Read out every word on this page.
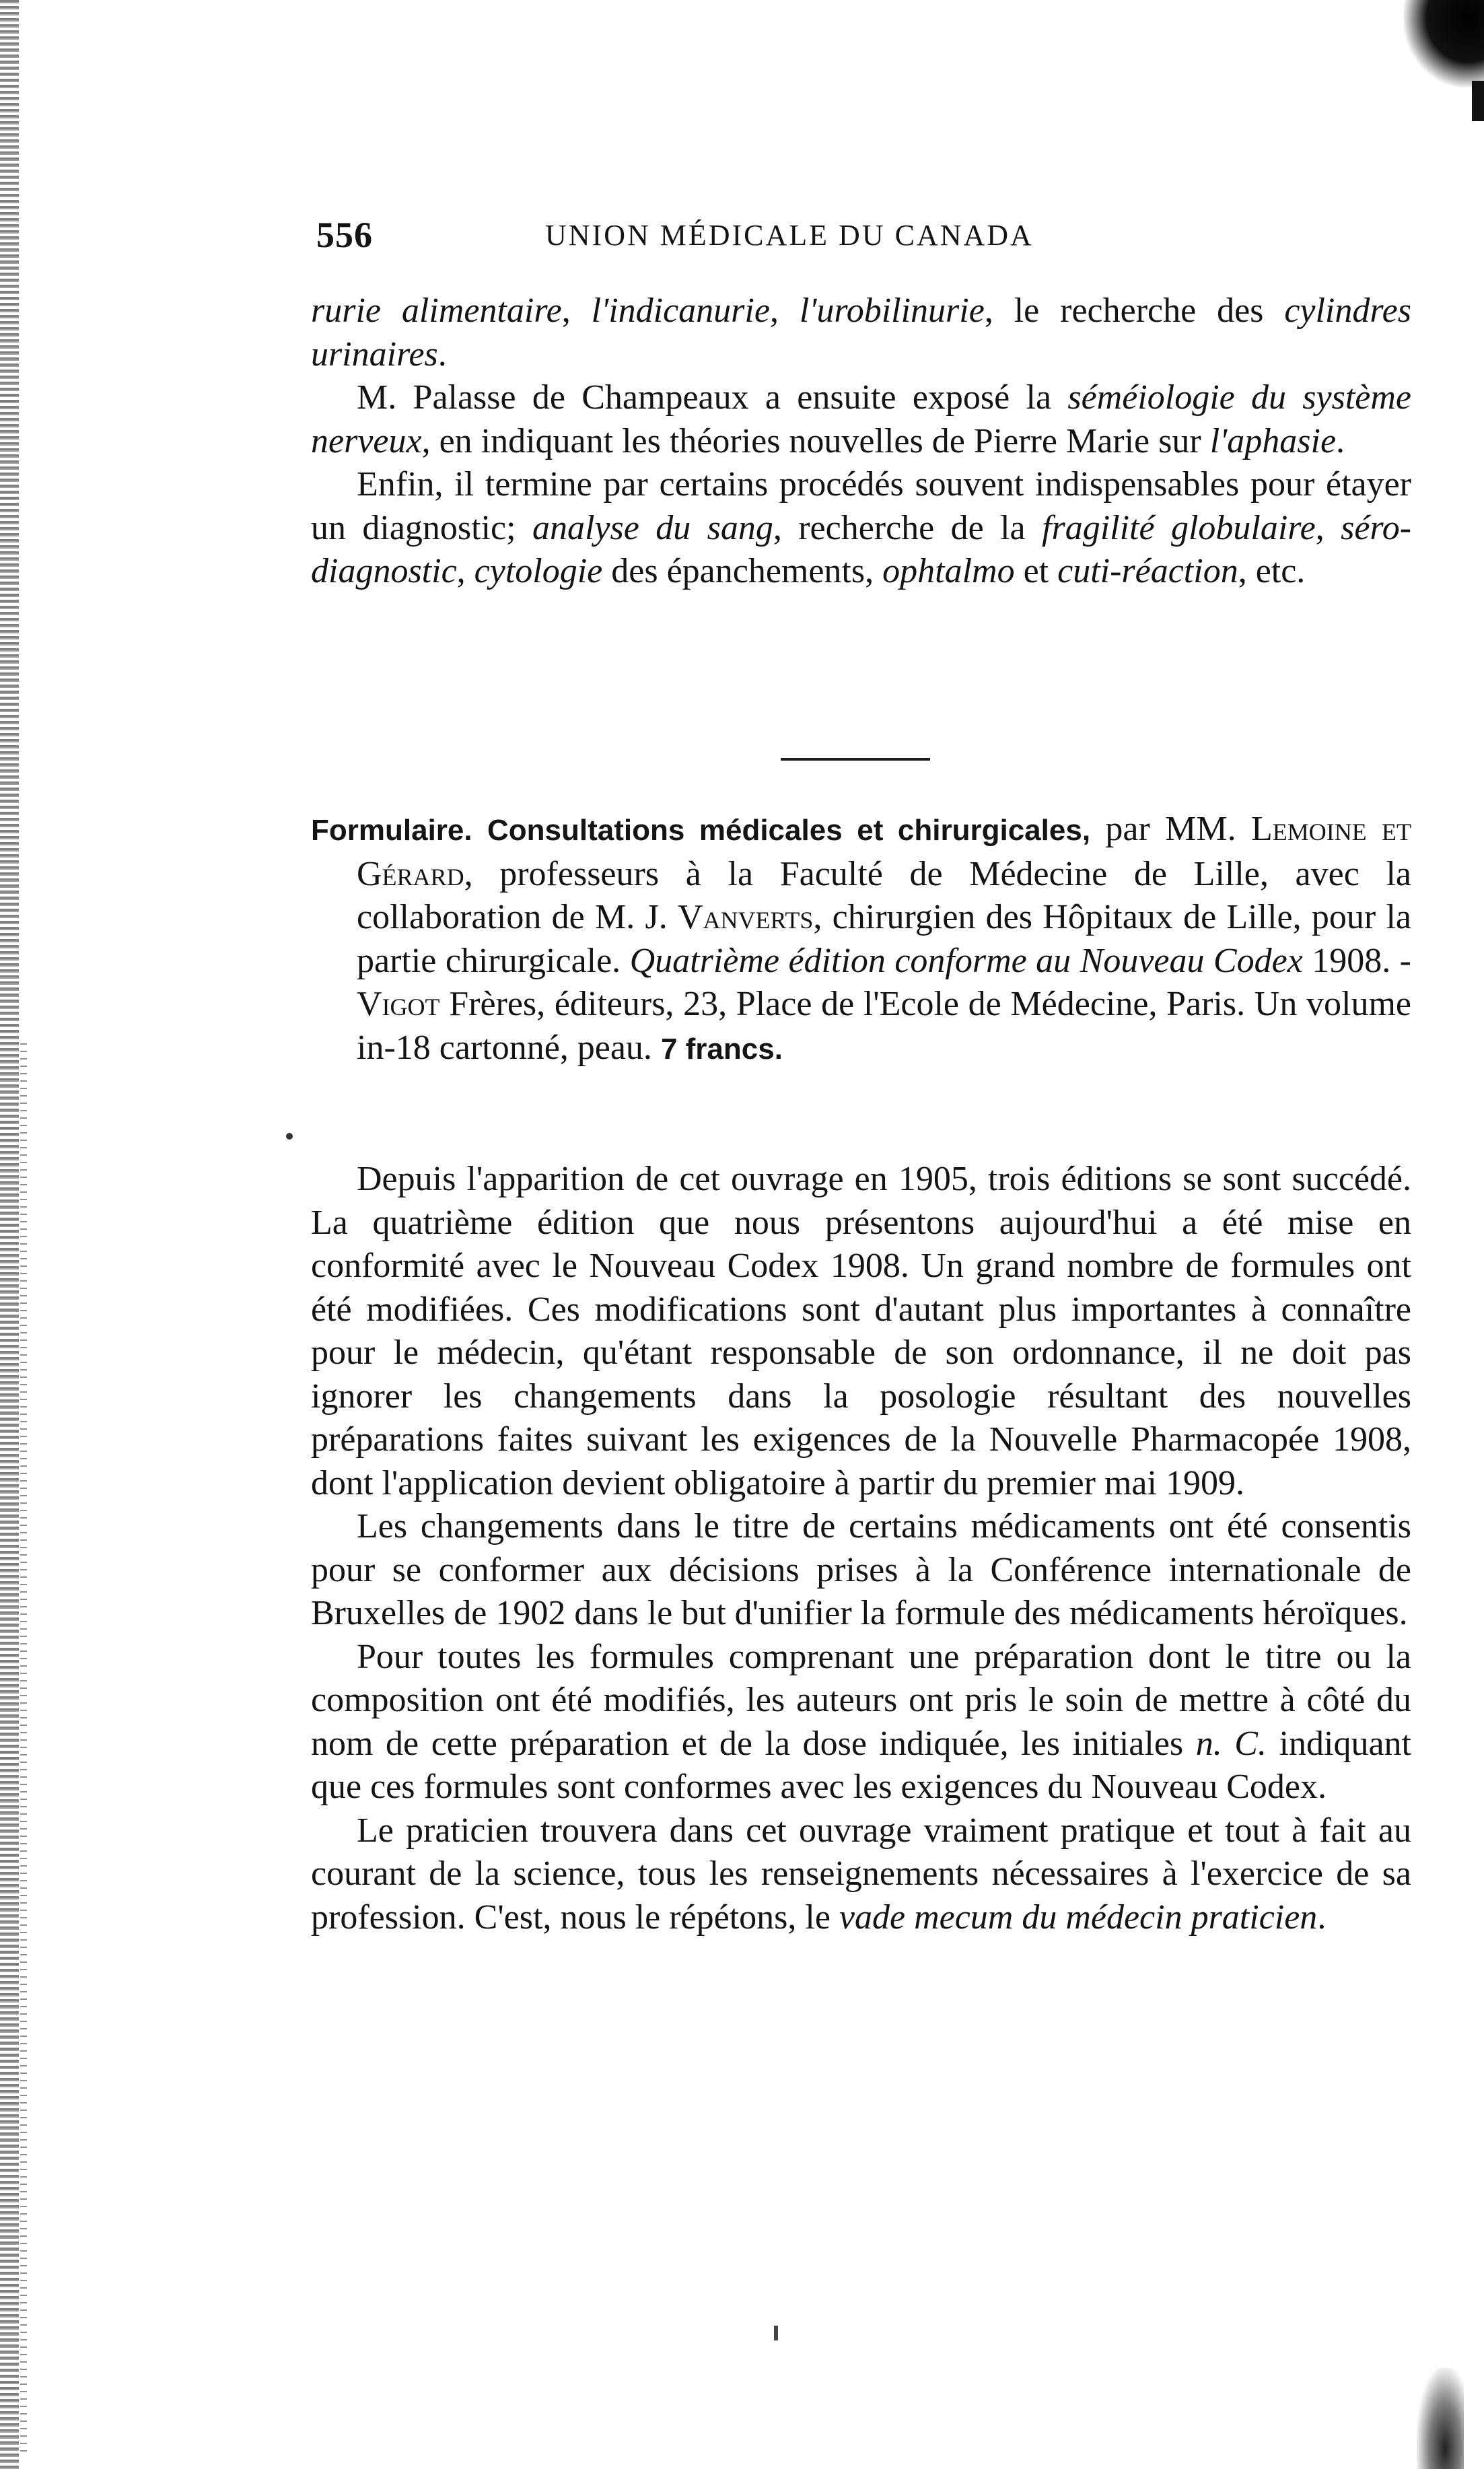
556	UNION MÉDICALE DU CANADA

rurie alimentaire, l'indicanurie, l'urobilinurie, le recherche des cylindres urinaires.

M. Palasse de Champeaux a ensuite exposé la séméiologie du système nerveux, en indiquant les théories nouvelles de Pierre Marie sur l'aphasie.

Enfin, il termine par certains procédés souvent indispensables pour étayer un diagnostic; analyse du sang, recherche de la fragilité globulaire, séro-diagnostic, cytologie des épanchements, ophtalmo et cuti-réaction, etc.

Formulaire. Consultations médicales et chirurgicales, par MM. Lemoine et Gérard, professeurs à la Faculté de Médecine de Lille, avec la collaboration de M. J. Vanverts, chirurgien des Hôpitaux de Lille, pour la partie chirurgicale. Quatrième édition conforme au Nouveau Codex 1908. - Vigot Frères, éditeurs, 23, Place de l'Ecole de Médecine, Paris. Un volume in-18 cartonné, peau. 7 francs.

Depuis l'apparition de cet ouvrage en 1905, trois éditions se sont succédé. La quatrième édition que nous présentons aujourd'hui a été mise en conformité avec le Nouveau Codex 1908. Un grand nombre de formules ont été modifiées. Ces modifications sont d'autant plus importantes à connaître pour le médecin, qu'étant responsable de son ordonnance, il ne doit pas ignorer les changements dans la posologie résultant des nouvelles préparations faites suivant les exigences de la Nouvelle Pharmacopée 1908, dont l'application devient obligatoire à partir du premier mai 1909.

Les changements dans le titre de certains médicaments ont été consentis pour se conformer aux décisions prises à la Conférence internationale de Bruxelles de 1902 dans le but d'unifier la formule des médicaments héroïques.

Pour toutes les formules comprenant une préparation dont le titre ou la composition ont été modifiés, les auteurs ont pris le soin de mettre à côté du nom de cette préparation et de la dose indiquée, les initiales n. C. indiquant que ces formules sont conformes avec les exigences du Nouveau Codex.

Le praticien trouvera dans cet ouvrage vraiment pratique et tout à fait au courant de la science, tous les renseignements nécessaires à l'exercice de sa profession. C'est, nous le répétons, le vade mecum du médecin praticien.
